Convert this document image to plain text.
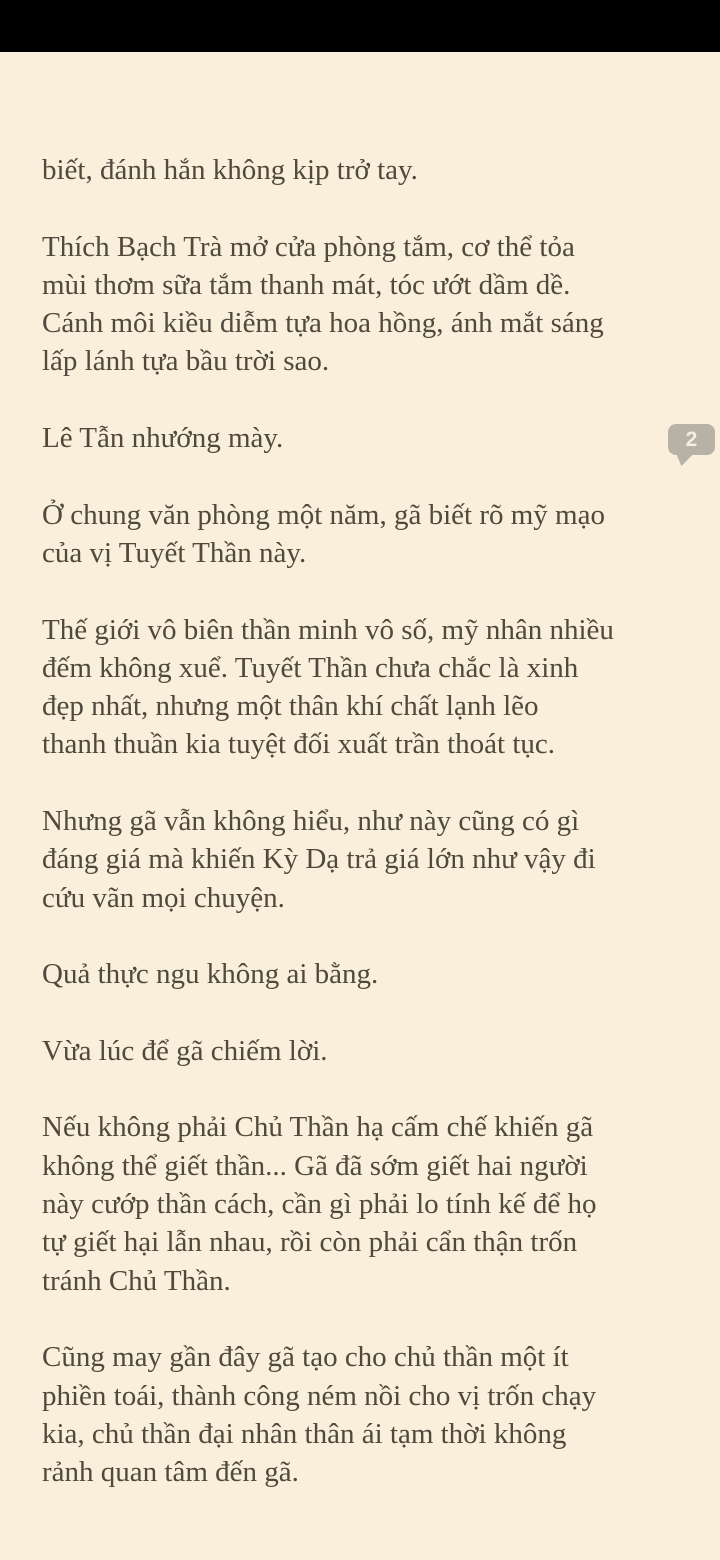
biết, đánh hắn không kịp trở tay.

Thích Bạch Trà mở cửa phòng tắm, cơ thể tỏa
mùi thơm sữa tắm thanh mát, tóc ướt dầm dề.
Cánh môi kiều diễm tựa hoa hồng, ánh mắt sáng
lấp lánh tựa bầu trời sao.

Lê Tẫn nhướng mày.	2

Ở chung văn phòng một năm, gã biết rõ mỹ mạo
của vị Tuyết Thần này.

Thế giới vô biên thần minh vô số, mỹ nhân nhiều
đếm không xuể. Tuyết Thần chưa chắc là xinh
đẹp nhất, nhưng một thân khí chất lạnh lẽo
thanh thuần kia tuyệt đối xuất trần thoát tục.

Nhưng gã vẫn không hiểu, như này cũng có gì
đáng giá mà khiến Kỳ Dạ trả giá lớn như vậy đi
cứu vãn mọi chuyện.

Quả thực ngu không ai bằng.

Vừa lúc để gã chiếm lời.

Nếu không phải Chủ Thần hạ cấm chế khiến gã
không thể giết thần... Gã đã sớm giết hai người
này cướp thần cách, cần gì phải lo tính kế để họ
tự giết hại lẫn nhau, rồi còn phải cẩn thận trốn
tránh Chủ Thần.

Cũng may gần đây gã tạo cho chủ thần một ít
phiền toái, thành công ném nồi cho vị trốn chạy
kia, chủ thần đại nhân thân ái tạm thời không
rảnh quan tâm đến gã.
